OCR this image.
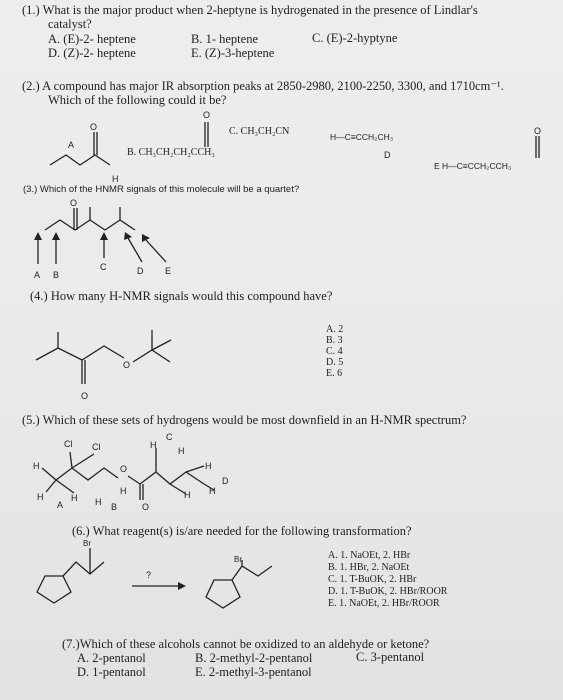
(1.) What is the major product when 2-heptyne is hydrogenated in the presence of Lindlar's
catalyst?
A. (E)-2- heptene	B. 1- heptene	C. (E)-2-hyptyne
D. (Z)-2- heptene	E. (Z)-3-heptene
(2.) A compound has major IR absorption peaks at 2850-2980, 2100-2250, 3300, and 1710cm⁻¹.
Which of the following could it be?
A
B. CH₃CH₂CH₂CCH₃
C. CH₃CH₂CN	H—C≡CCH₂CH₃
D
E H—C≡CCH₂CCH₃
H
O
O
O
(3.) Which of the HNMR signals of this molecule will be a quartet?
O
A B
C	D E
(4.) How many H-NMR signals would this compound have?
A. 2
B. 3
C. 4
D. 5
E. 6
O
O
(5.) Which of these sets of hydrogens would be most downfield in an H-NMR spectrum?
Cl Cl
C
H
H
H	O	H
D
H
A
H H B
H
O
H H
(6.) What reagent(s) is/are needed for the following transformation?
Br
Br
?
A. 1. NaOEt, 2. HBr
B. 1. HBr, 2. NaOEt
C. 1. T-BuOK, 2. HBr
D. 1. T-BuOK, 2. HBr/ROOR
E. 1. NaOEt, 2. HBr/ROOR
(7.)Which of these alcohols cannot be oxidized to an aldehyde or ketone?
A. 2-pentanol	B. 2-methyl-2-pentanol	C. 3-pentanol
D. 1-pentanol	E. 2-methyl-3-pentanol
